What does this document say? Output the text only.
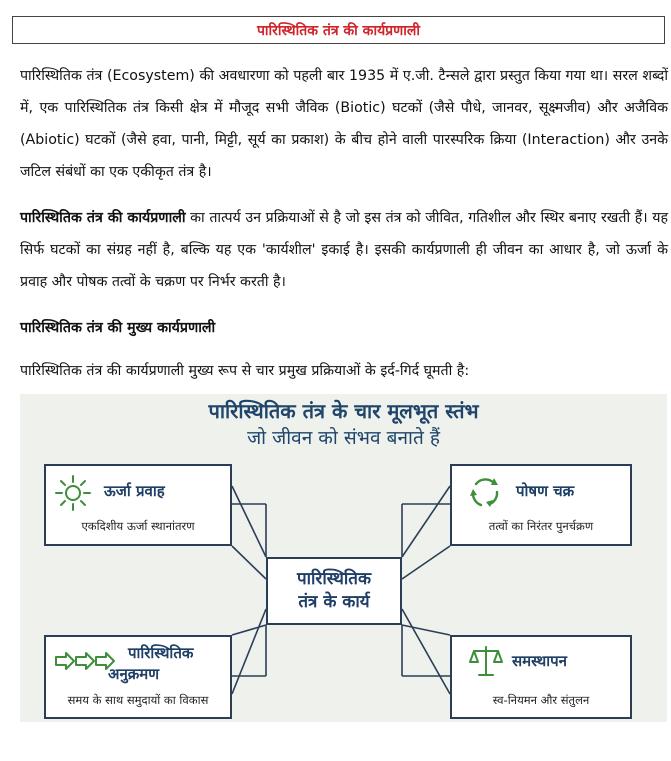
पारिस्थितिक तंत्र की कार्यप्रणाली

पारिस्थितिक तंत्र (Ecosystem) की अवधारणा को पहली बार 1935 में ए.जी. टैन्सले द्वारा प्रस्तुत किया गया था। सरल शब्दों में, एक पारिस्थितिक तंत्र किसी क्षेत्र में मौजूद सभी जैविक (Biotic) घटकों (जैसे पौधे, जानवर, सूक्ष्मजीव) और अजैविक (Abiotic) घटकों (जैसे हवा, पानी, मिट्टी, सूर्य का प्रकाश) के बीच होने वाली पारस्परिक क्रिया (Interaction) और उनके जटिल संबंधों का एक एकीकृत तंत्र है।

पारिस्थितिक तंत्र की कार्यप्रणाली का तात्पर्य उन प्रक्रियाओं से है जो इस तंत्र को जीवित, गतिशील और स्थिर बनाए रखती हैं। यह सिर्फ घटकों का संग्रह नहीं है, बल्कि यह एक 'कार्यशील' इकाई है। इसकी कार्यप्रणाली ही जीवन का आधार है, जो ऊर्जा के प्रवाह और पोषक तत्वों के चक्रण पर निर्भर करती है।

पारिस्थितिक तंत्र की मुख्य कार्यप्रणाली

पारिस्थितिक तंत्र की कार्यप्रणाली मुख्य रूप से चार प्रमुख प्रक्रियाओं के इर्द-गिर्द घूमती है:

पारिस्थितिक तंत्र के चार मूलभूत स्तंभ
जो जीवन को संभव बनाते हैं
ऊर्जा प्रवाह
एकदिशीय ऊर्जा स्थानांतरण
पोषण चक्र
तत्वों का निरंतर पुनर्चक्रण
पारिस्थितिक
अनुक्रमण
समय के साथ समुदायों का विकास
समस्थापन
स्व-नियमन और संतुलन
पारिस्थितिक
तंत्र के कार्य
